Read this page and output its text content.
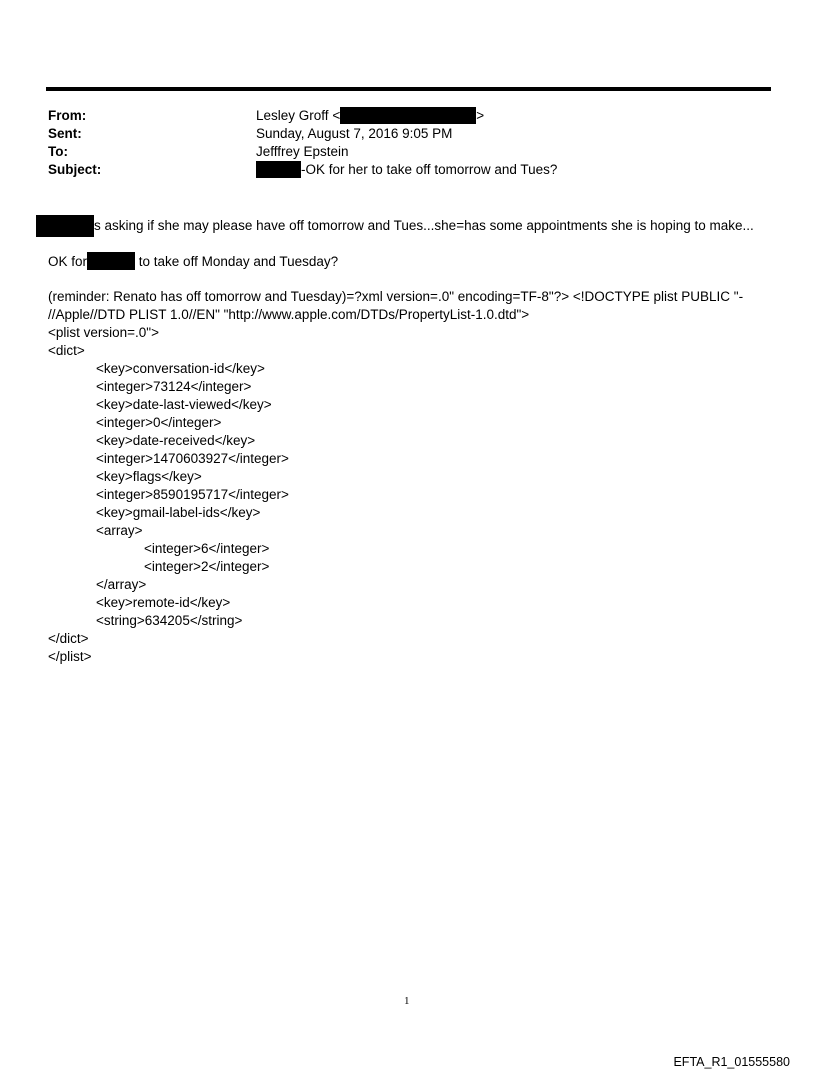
From:	Lesley Groff <	>
Sent:	Sunday, August 7, 2016 9:05 PM
To:	Jefffrey Epstein
Subject:	-OK for her to take off tomorrow and Tues?
s asking if she may please have off tomorrow and Tues...she=has some appointments she is hoping to make...
OK for	to take off Monday and Tuesday?
(reminder: Renato has off tomorrow and Tuesday)=?xml version=.0" encoding=TF-8"?> <!DOCTYPE plist PUBLIC "-
//Apple//DTD PLIST 1.0//EN" "http://www.apple.com/DTDs/PropertyList-1.0.dtd">
<plist version=.0">
<dict>
<key>conversation-id</key>
<integer>73124</integer>
<key>date-last-viewed</key>
<integer>0</integer>
<key>date-received</key>
<integer>1470603927</integer>
<key>flags</key>
<integer>8590195717</integer>
<key>gmail-label-ids</key>
<array>
<integer>6</integer>
<integer>2</integer>
</array>
<key>remote-id</key>
<string>634205</string>
</dict>
</plist>
1
EFTA_R1_01555580
